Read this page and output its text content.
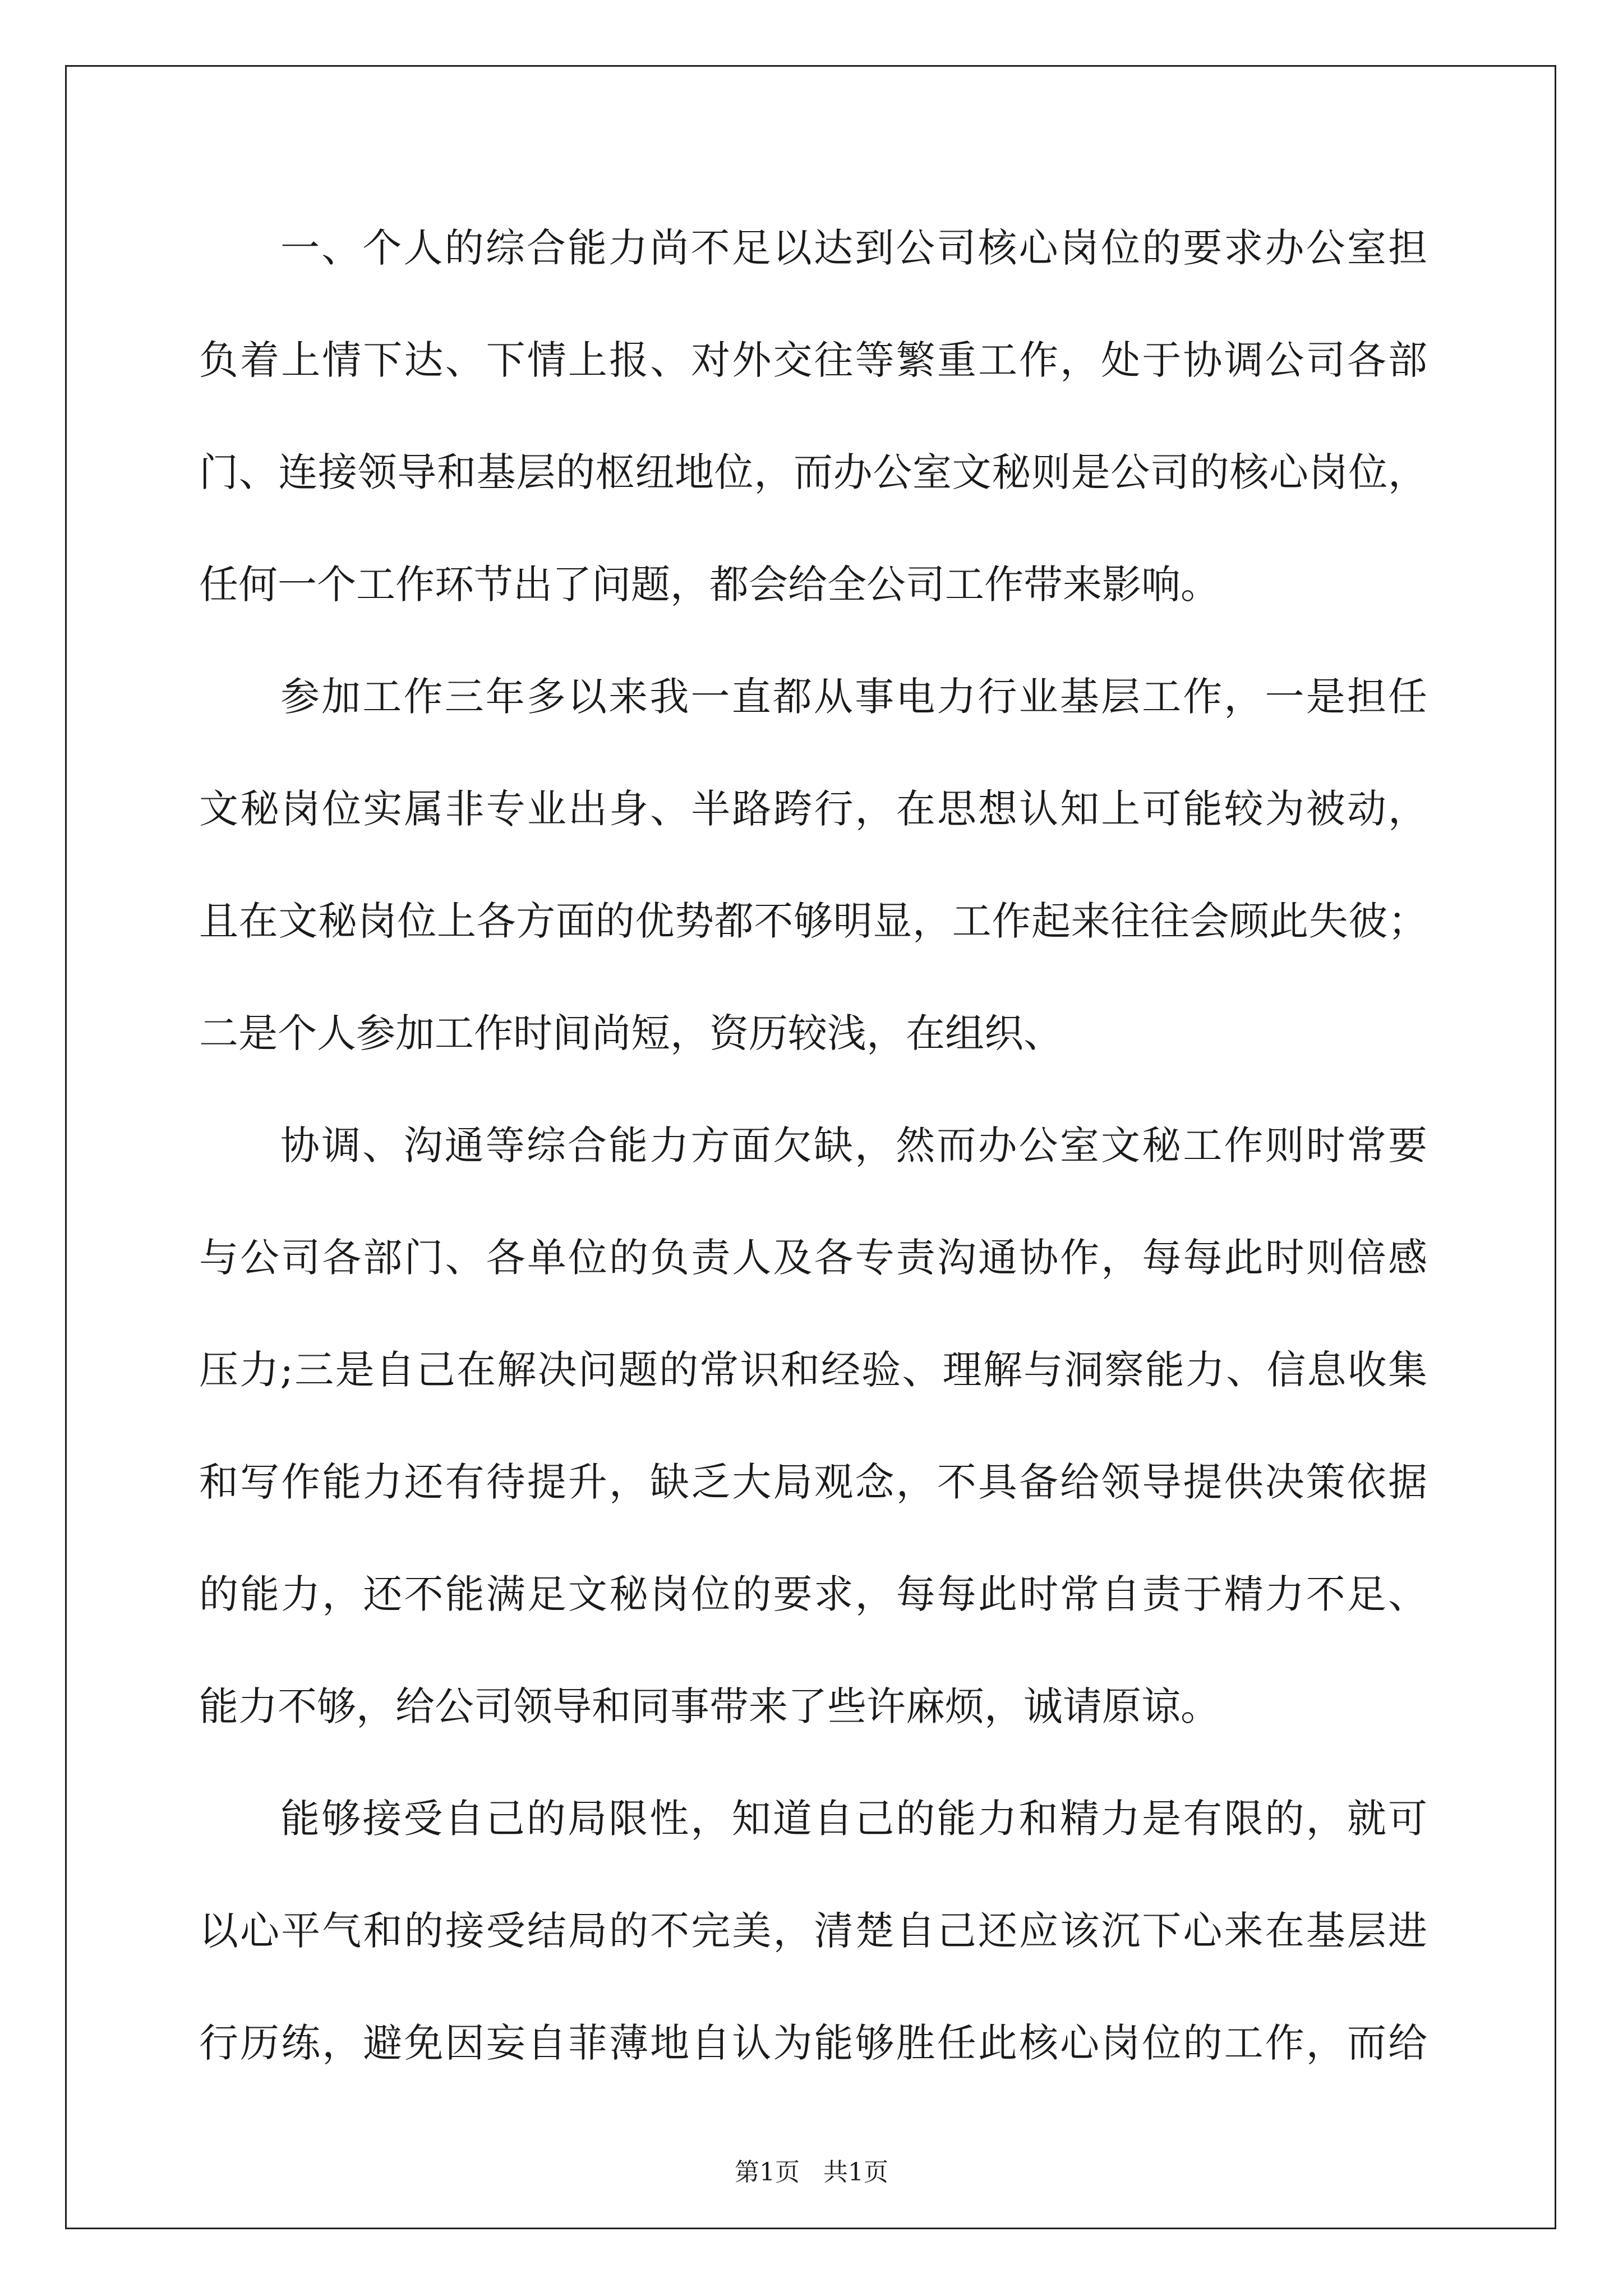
一、个人的综合能力尚不足以达到公司核心岗位的要求办公室担
负着上情下达、下情上报、对外交往等繁重工作，处于协调公司各部
门、连接领导和基层的枢纽地位，而办公室文秘则是公司的核心岗位，
任何一个工作环节出了问题，都会给全公司工作带来影响。
参加工作三年多以来我一直都从事电力行业基层工作，一是担任
文秘岗位实属非专业出身、半路跨行，在思想认知上可能较为被动，
且在文秘岗位上各方面的优势都不够明显，工作起来往往会顾此失彼；
二是个人参加工作时间尚短，资历较浅，在组织、
协调、沟通等综合能力方面欠缺，然而办公室文秘工作则时常要
与公司各部门、各单位的负责人及各专责沟通协作，每每此时则倍感
压力;三是自己在解决问题的常识和经验、理解与洞察能力、信息收集
和写作能力还有待提升，缺乏大局观念，不具备给领导提供决策依据
的能力，还不能满足文秘岗位的要求，每每此时常自责于精力不足、
能力不够，给公司领导和同事带来了些许麻烦，诚请原谅。
能够接受自己的局限性，知道自己的能力和精力是有限的，就可
以心平气和的接受结局的不完美，清楚自己还应该沉下心来在基层进
行历练，避免因妄自菲薄地自认为能够胜任此核心岗位的工作，而给
第1页   共1页
